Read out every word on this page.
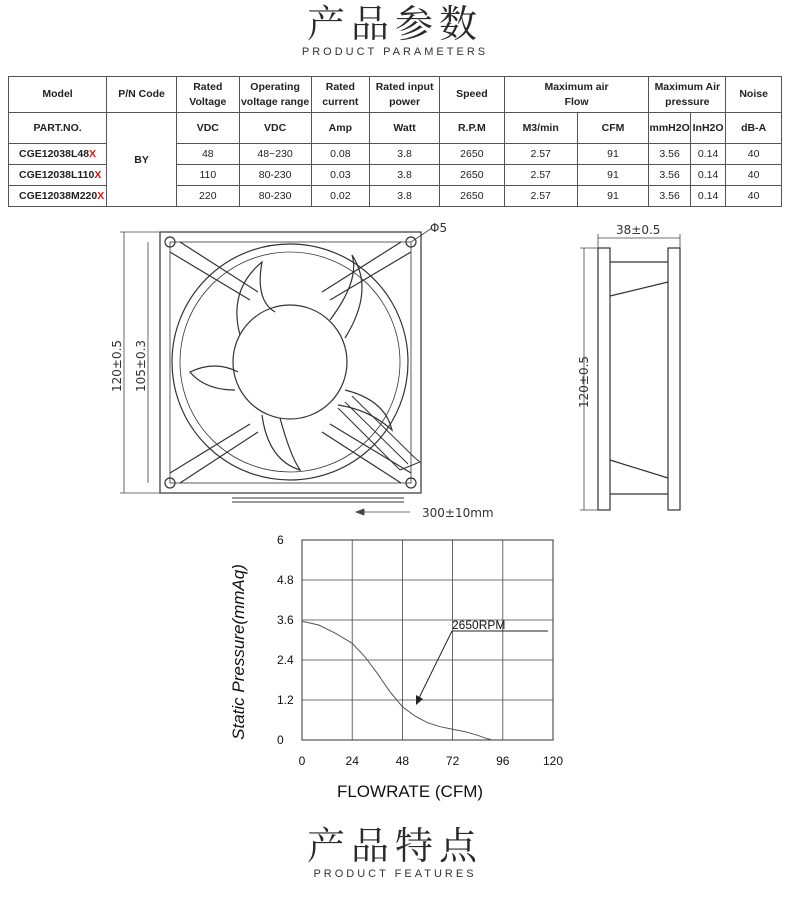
产品参数
PRODUCT PARAMETERS
Model	P/N Code	Rated Voltage	Operating voltage range	Rated current	Rated input power	Speed	Maximum air Flow		Maximum Air pressure		Noise
PART.NO.	BY	VDC	VDC	Amp	Watt	R.P.M	M3/min	CFM	mmH2O	InH2O	dB-A
CGE12038L48X		48	48~230	0.08	3.8	2650	2.57	91	3.56	0.14	40
CGE12038L110X		110	80-230	0.03	3.8	2650	2.57	91	3.56	0.14	40
CGE12038M220X		220	80-230	0.02	3.8	2650	2.57	91	3.56	0.14	40
Φ5
120±0.5 105±0.3
300±10mm
38±0.5
120±0.5
0	24	48	72	96	120
0
1.2
2.4
3.6
4.8
6
2650RPM
FLOWRATE (CFM)
Static Pressure(mmAq)
产品特点
PRODUCT FEATURES
